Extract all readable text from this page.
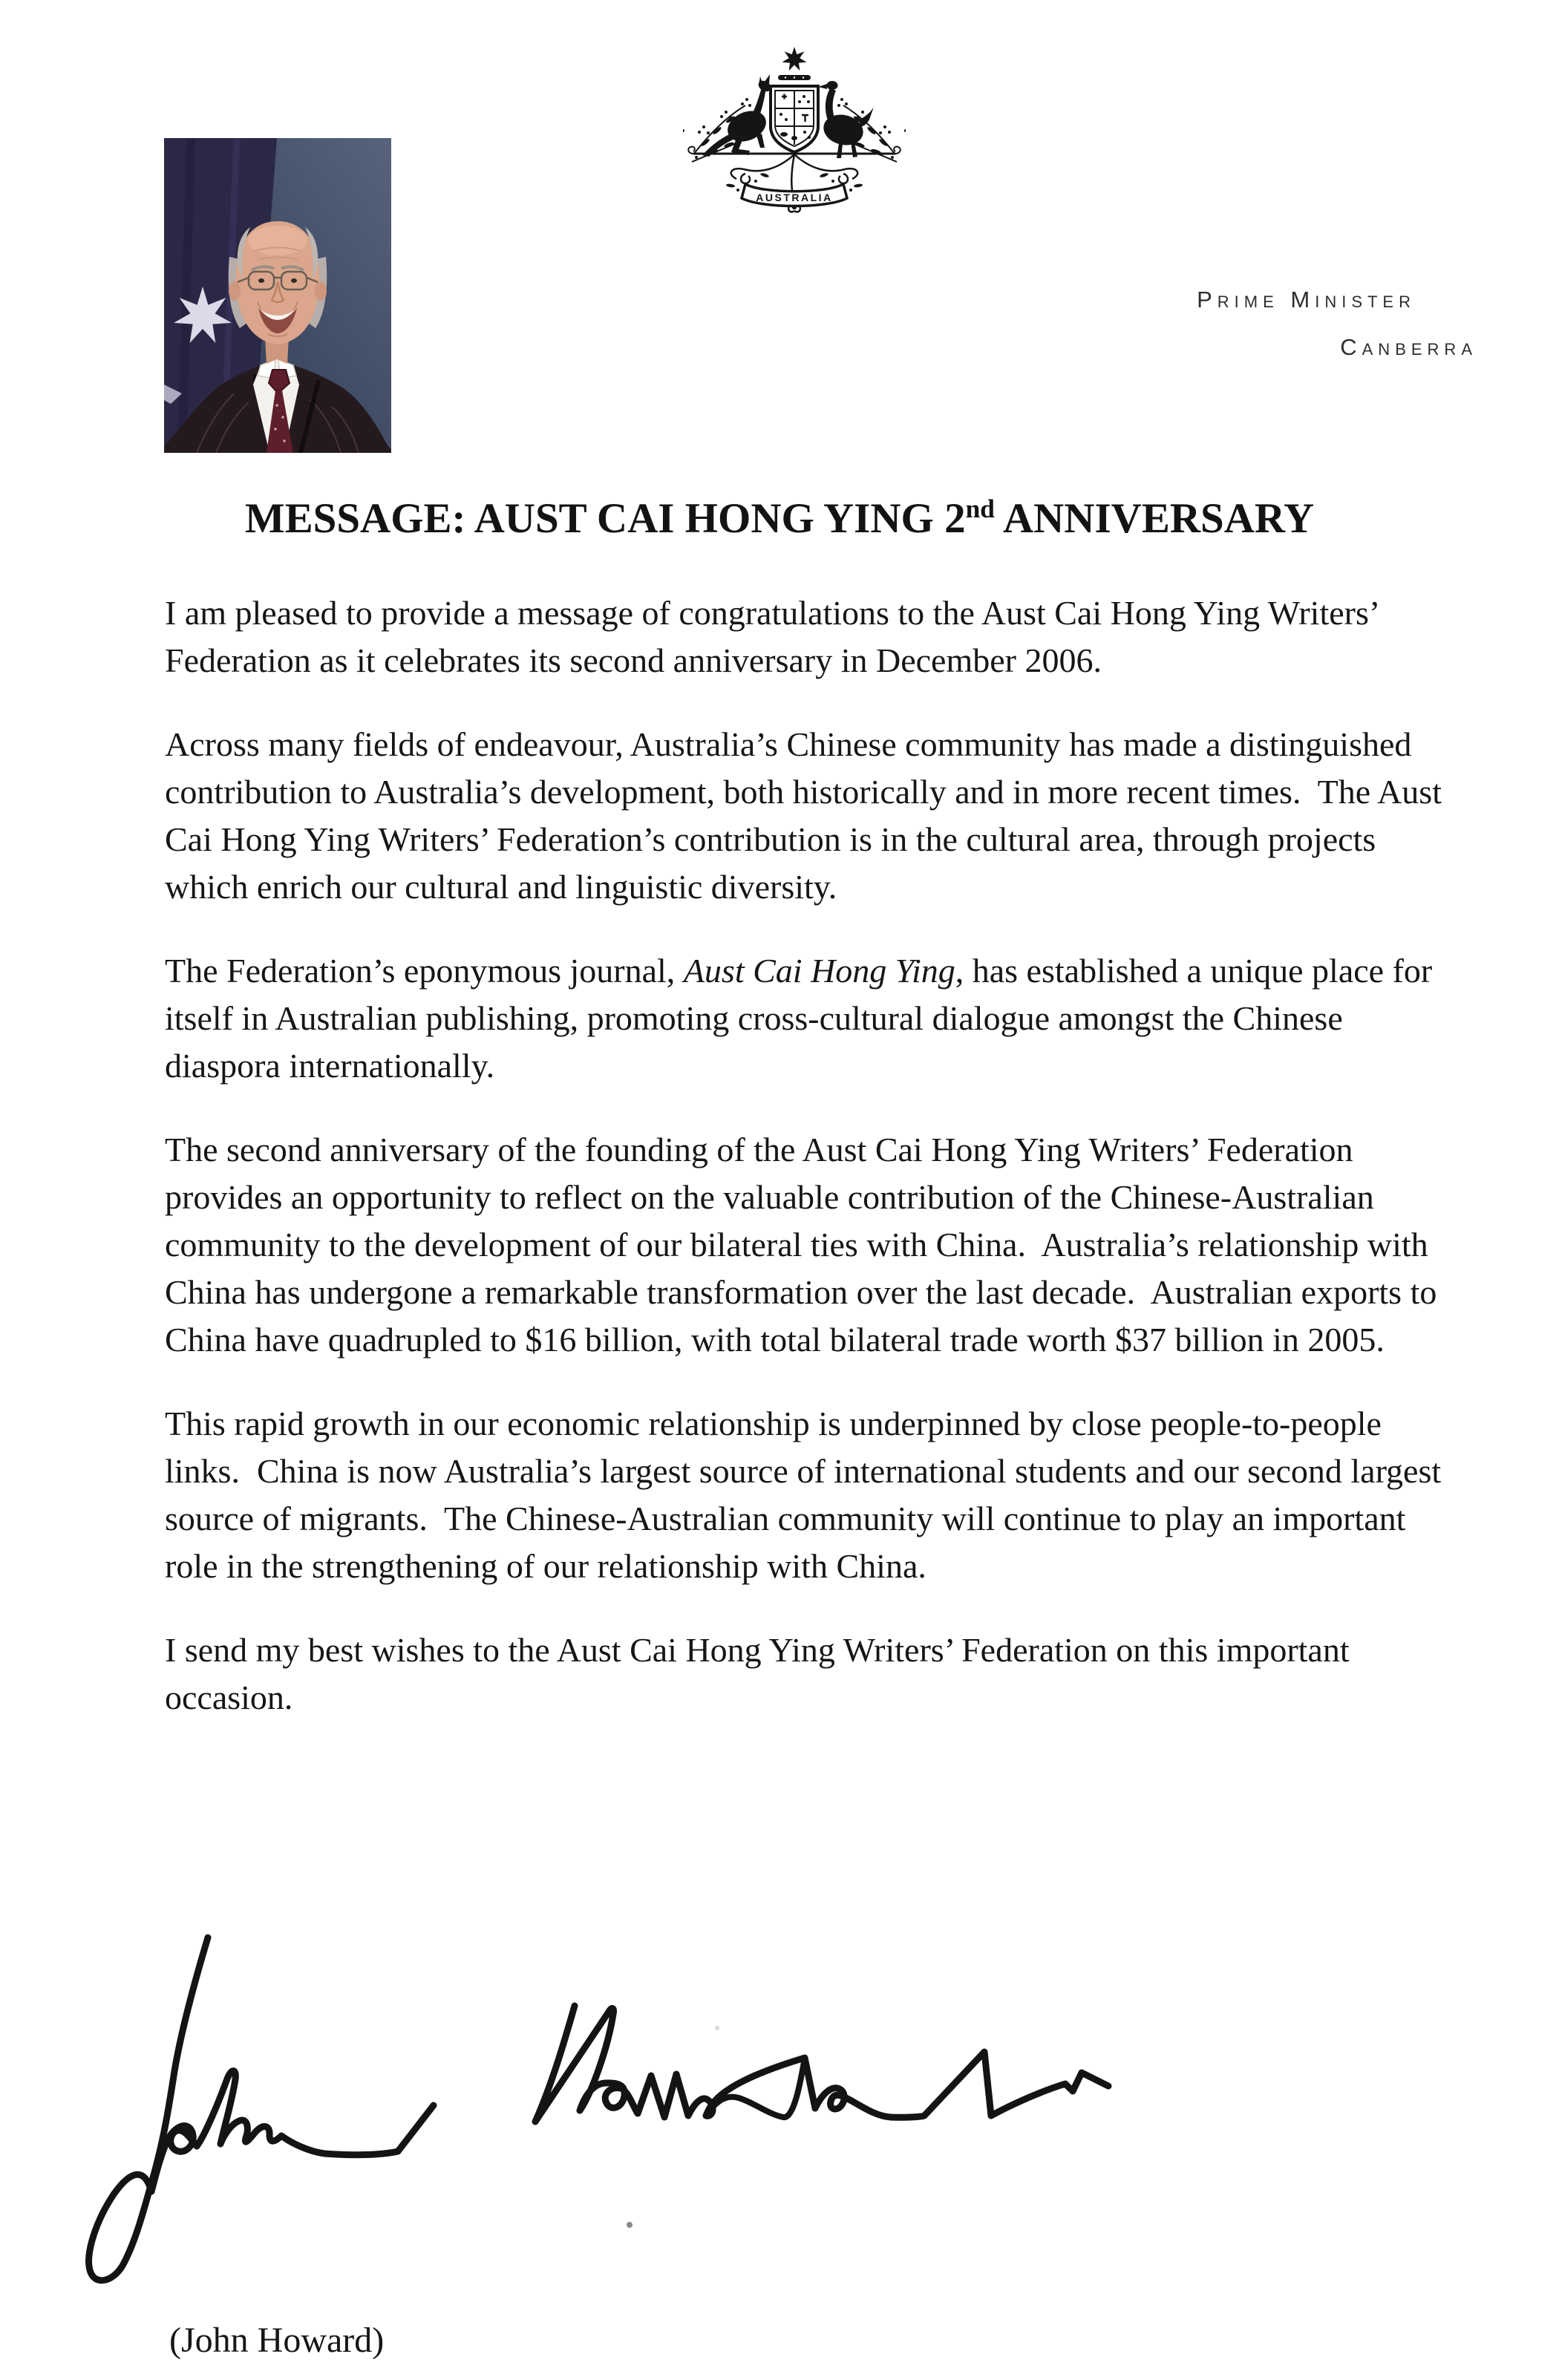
AUSTRALIA
Prime Minister
Canberra
MESSAGE: AUST CAI HONG YING 2nd ANNIVERSARY

I am pleased to provide a message of congratulations to the Aust Cai Hong Ying Writers’ Federation as it celebrates its second anniversary in December 2006.

Across many fields of endeavour, Australia’s Chinese community has made a distinguished contribution to Australia’s development, both historically and in more recent times.  The Aust Cai Hong Ying Writers’ Federation’s contribution is in the cultural area, through projects which enrich our cultural and linguistic diversity.

The Federation’s eponymous journal, Aust Cai Hong Ying, has established a unique place for itself in Australian publishing, promoting cross-cultural dialogue amongst the Chinese diaspora internationally.

The second anniversary of the founding of the Aust Cai Hong Ying Writers’ Federation provides an opportunity to reflect on the valuable contribution of the Chinese-Australian community to the development of our bilateral ties with China.  Australia’s relationship with China has undergone a remarkable transformation over the last decade.  Australian exports to China have quadrupled to $16 billion, with total bilateral trade worth $37 billion in 2005.

This rapid growth in our economic relationship is underpinned by close people-to-people links.  China is now Australia’s largest source of international students and our second largest source of migrants.  The Chinese-Australian community will continue to play an important role in the strengthening of our relationship with China.

I send my best wishes to the Aust Cai Hong Ying Writers’ Federation on this important occasion.

(John Howard)
